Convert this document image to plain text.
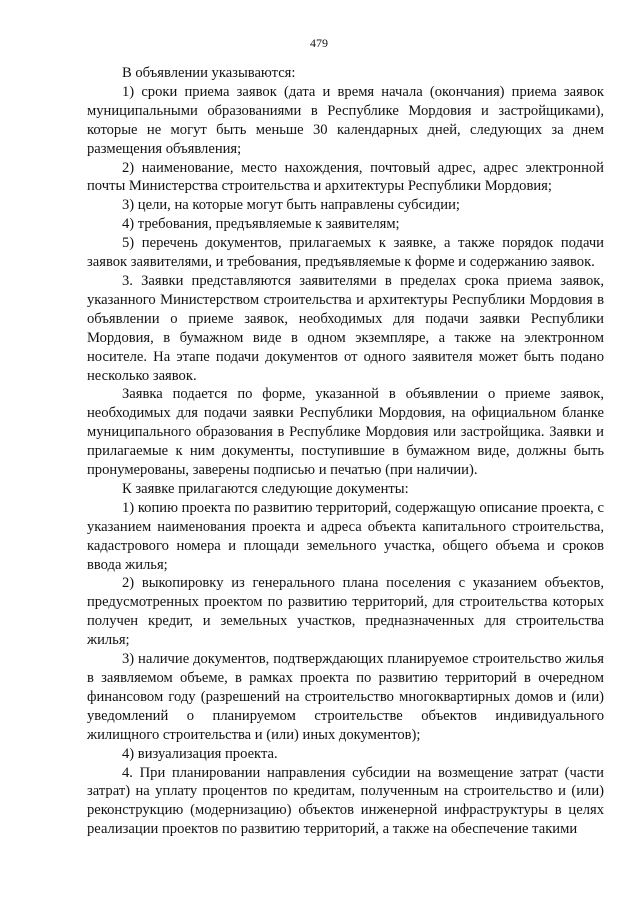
479

В объявлении указываются:

1) сроки приема заявок (дата и время начала (окончания) приема заявок муниципальными образованиями в Республике Мордовия и застройщиками), которые не могут быть меньше 30 календарных дней, следующих за днем размещения объявления;

2) наименование, место нахождения, почтовый адрес, адрес электронной почты Министерства строительства и архитектуры Республики Мордовия;

3) цели, на которые могут быть направлены субсидии;

4) требования, предъявляемые к заявителям;

5) перечень документов, прилагаемых к заявке, а также порядок подачи заявок заявителями, и требования, предъявляемые к форме и содержанию заявок.

3. Заявки представляются заявителями в пределах срока приема заявок, указанного Министерством строительства и архитектуры Республики Мордовия в объявлении о приеме заявок, необходимых для подачи заявки Республики Мордовия, в бумажном виде в одном экземпляре, а также на электронном носителе. На этапе подачи документов от одного заявителя может быть подано несколько заявок.

Заявка подается по форме, указанной в объявлении о приеме заявок, необходимых для подачи заявки Республики Мордовия, на официальном бланке муниципального образования в Республике Мордовия или застройщика. Заявки и прилагаемые к ним документы, поступившие в бумажном виде, должны быть пронумерованы, заверены подписью и печатью (при наличии).

К заявке прилагаются следующие документы:

1) копию проекта по развитию территорий, содержащую описание проекта, с указанием наименования проекта и адреса объекта капитального строительства, кадастрового номера и площади земельного участка, общего объема и сроков ввода жилья;

2) выкопировку из генерального плана поселения с указанием объектов, предусмотренных проектом по развитию территорий, для строительства которых получен кредит, и земельных участков, предназначенных для строительства жилья;

3) наличие документов, подтверждающих планируемое строительство жилья в заявляемом объеме, в рамках проекта по развитию территорий в очередном финансовом году (разрешений на строительство многоквартирных домов и (или) уведомлений о планируемом строительстве объектов индивидуального жилищного строительства и (или) иных документов);

4) визуализация проекта.

4. При планировании направления субсидии на возмещение затрат (части затрат) на уплату процентов по кредитам, полученным на строительство и (или) реконструкцию (модернизацию) объектов инженерной инфраструктуры в целях реализации проектов по развитию территорий, а также на обеспечение такими
